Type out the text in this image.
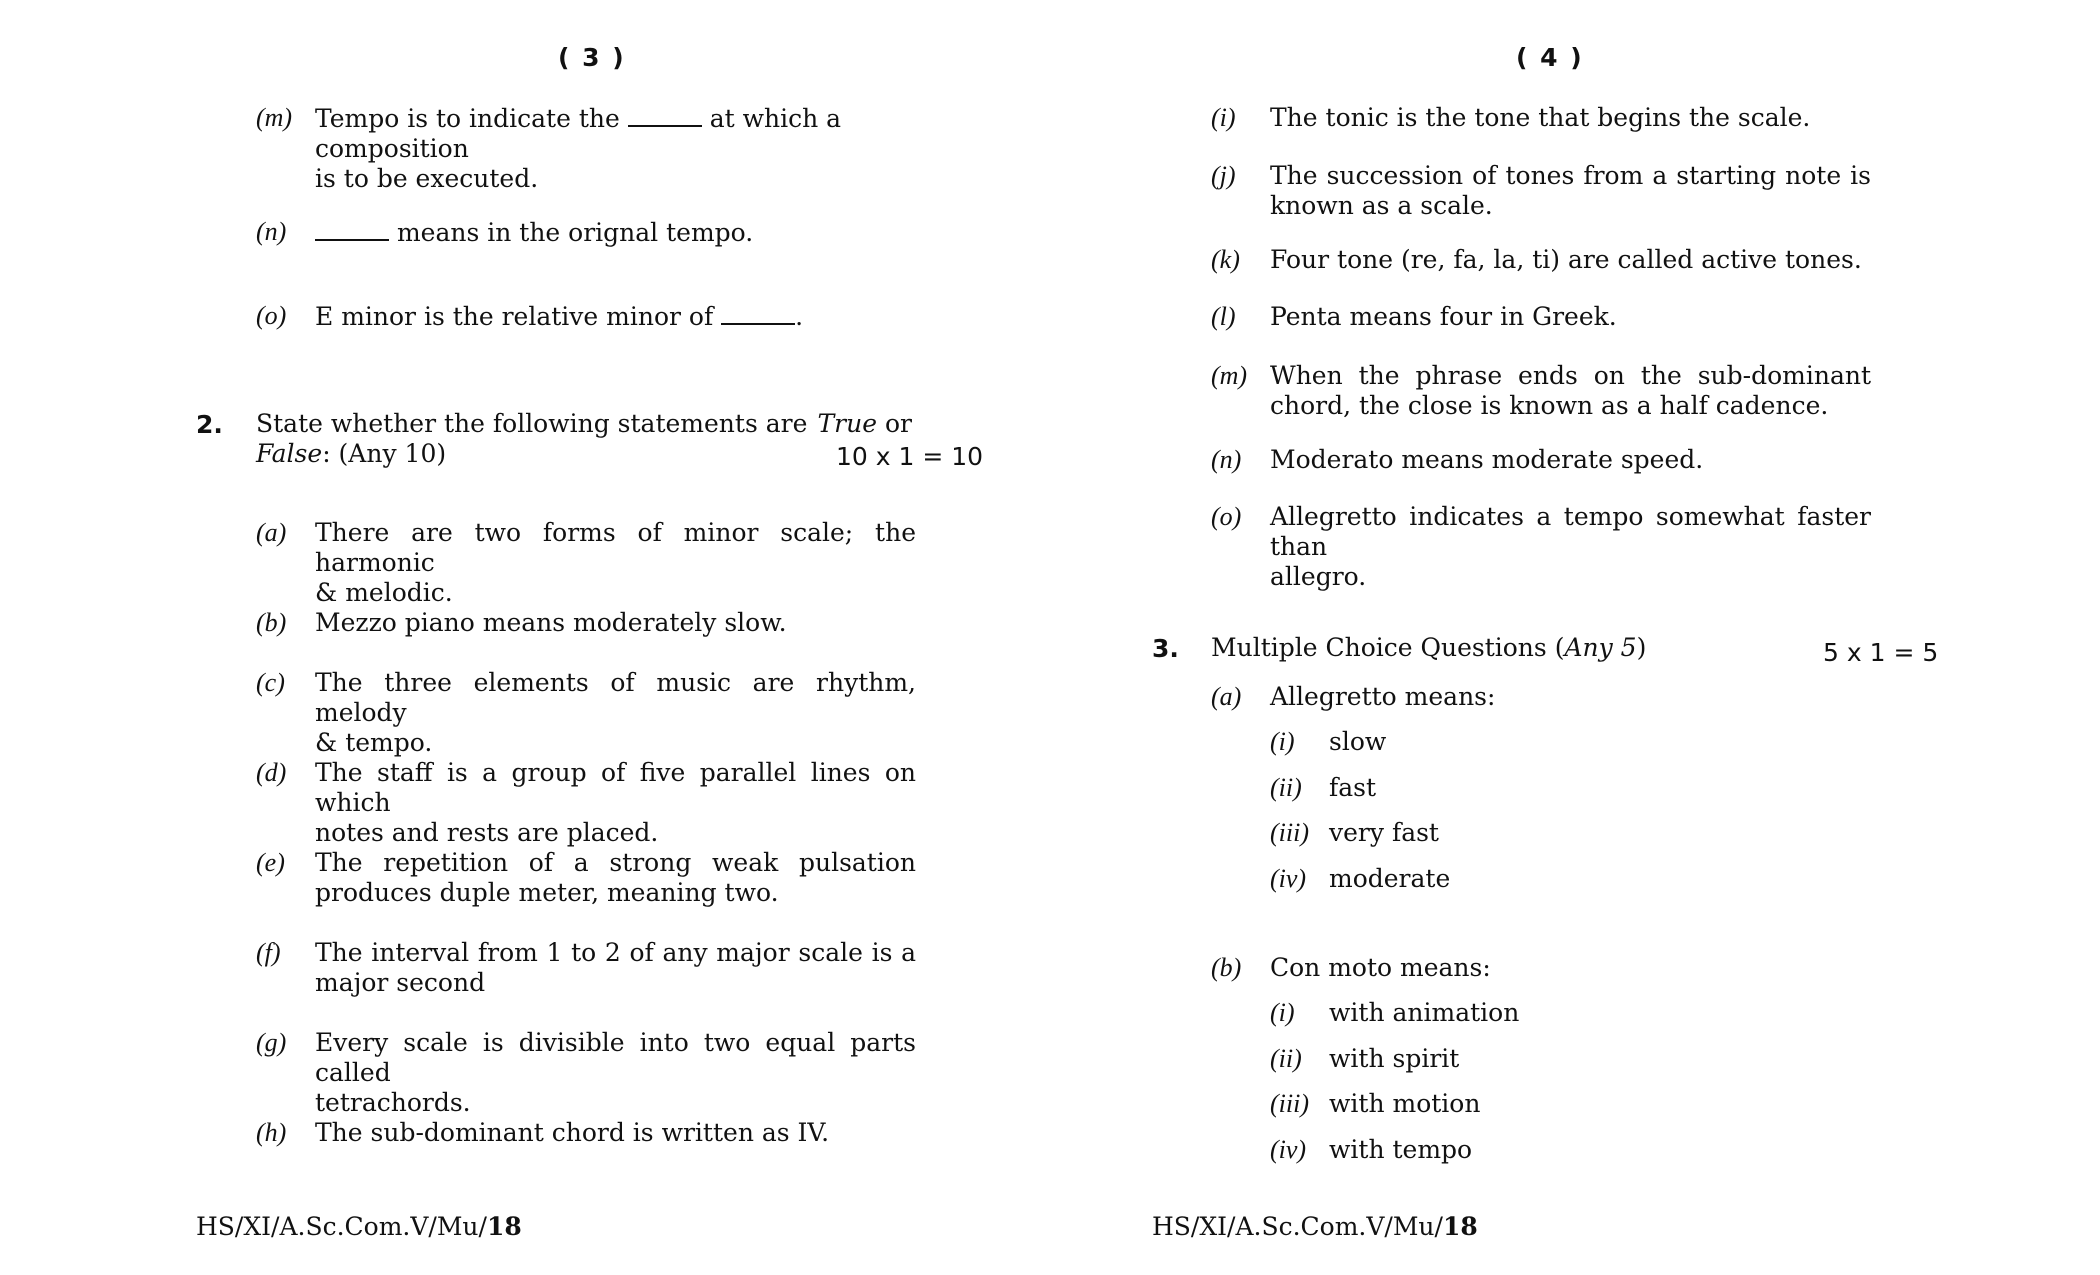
( 3 )
(m) Tempo is to indicate the	at which a composition
is to be executed.
(n)	means in the orignal tempo.
(o) E minor is the relative minor of	.
2. State whether the following statements are True or
False: (Any 10)	10 x 1 = 10
(a) There are two forms of minor scale; the harmonic
& melodic.
(b) Mezzo piano means moderately slow.
(c) The three elements of music are rhythm, melody
& tempo.
(d) The staff is a group of five parallel lines on which
notes and rests are placed.
(e) The repetition of a strong weak pulsation
produces duple meter, meaning two.
(f) The interval from 1 to 2 of any major scale is a
major second
(g) Every scale is divisible into two equal parts called
tetrachords.
(h) The sub-dominant chord is written as IV.
HS/XI/A.Sc.Com.V/Mu/18
( 4 )
(i) The tonic is the tone that begins the scale.
(j) The succession of tones from a starting note is
known as a scale.
(k) Four tone (re, fa, la, ti) are called active tones.
(l) Penta means four in Greek.
(m) When the phrase ends on the sub-dominant
chord, the close is known as a half cadence.
(n) Moderato means moderate speed.
(o) Allegretto indicates a tempo somewhat faster than
allegro.
3. Multiple Choice Questions (Any 5)	5 x 1 = 5
(a) Allegretto means:
(i) slow
(ii) fast
(iii) very fast
(iv) moderate
(b) Con moto means:
(i) with animation
(ii) with spirit
(iii) with motion
(iv) with tempo
HS/XI/A.Sc.Com.V/Mu/18
